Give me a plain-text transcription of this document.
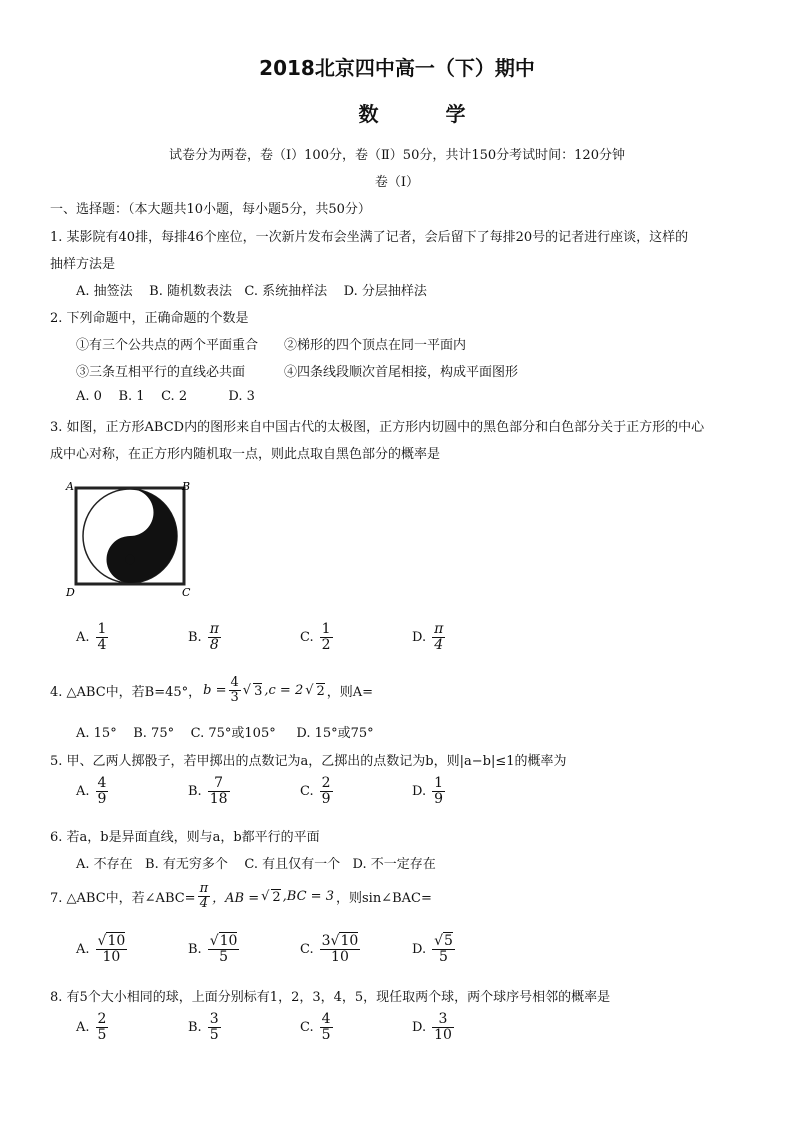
2018北京四中高一（下）期中
数 学
试卷分为两卷，卷（Ⅰ）100分，卷（Ⅱ）50分，共计150分考试时间：120分钟
卷（Ⅰ）
一、选择题：（本大题共10小题，每小题5分，共50分）
1. 某影院有40排，每排46个座位，一次新片发布会坐满了记者，会后留下了每排20号的记者进行座谈，这样的
抽样方法是
A. 抽签法    B. 随机数表法   C. 系统抽样法    D. 分层抽样法
2. 下列命题中，正确命题的个数是
①有三个公共点的两个平面重合 ②梯形的四个顶点在同一平面内
③三条互相平行的直线必共面	④四条线段顺次首尾相接，构成平面图形
A. 0    B. 1    C. 2          D. 3
3. 如图，正方形ABCD内的图形来自中国古代的太极图，正方形内切圆中的黑色部分和白色部分关于正方形的中心
成中心对称，在正方形内随机取一点，则此点取自黑色部分的概率是
A	B
C
D
A. $\frac{1}{4}$	B. $\frac{\pi}{8}$	C. $\frac{1}{2}$	D. $\frac{\pi}{4}$
4. △ABC中，若B=45°， $b = \frac{4}{3}$ √ 3 ,c = 2 √ 2 ，则A=
A. 15°    B. 75°    C. 75°或105°     D. 15°或75°
5. 甲、乙两人掷骰子，若甲掷出的点数记为a，乙掷出的点数记为b，则|a−b|≤1的概率为
A. $\frac{4}{9}$	B. $\frac{7}{18}$	C. $\frac{2}{9}$	D. $\frac{1}{9}$
6. 若a，b是异面直线，则与a，b都平行的平面
A. 不存在   B. 有无穷多个    C. 有且仅有一个   D. 不一定存在
7. △ABC中，若∠ABC= $\frac{\pi}{4}$ ，AB = √ 2 ,BC = 3 ，则sin∠BAC=
A. $\frac{√10}{10}$	B. $\frac{√10}{5}$	C. $\frac{3√10}{10}$	D. $\frac{√5}{5}$
8. 有5个大小相同的球，上面分别标有1，2，3，4，5，现任取两个球，两个球序号相邻的概率是
A. $\frac{2}{5}$	B. $\frac{3}{5}$	C. $\frac{4}{5}$	D. $\frac{3}{10}$
